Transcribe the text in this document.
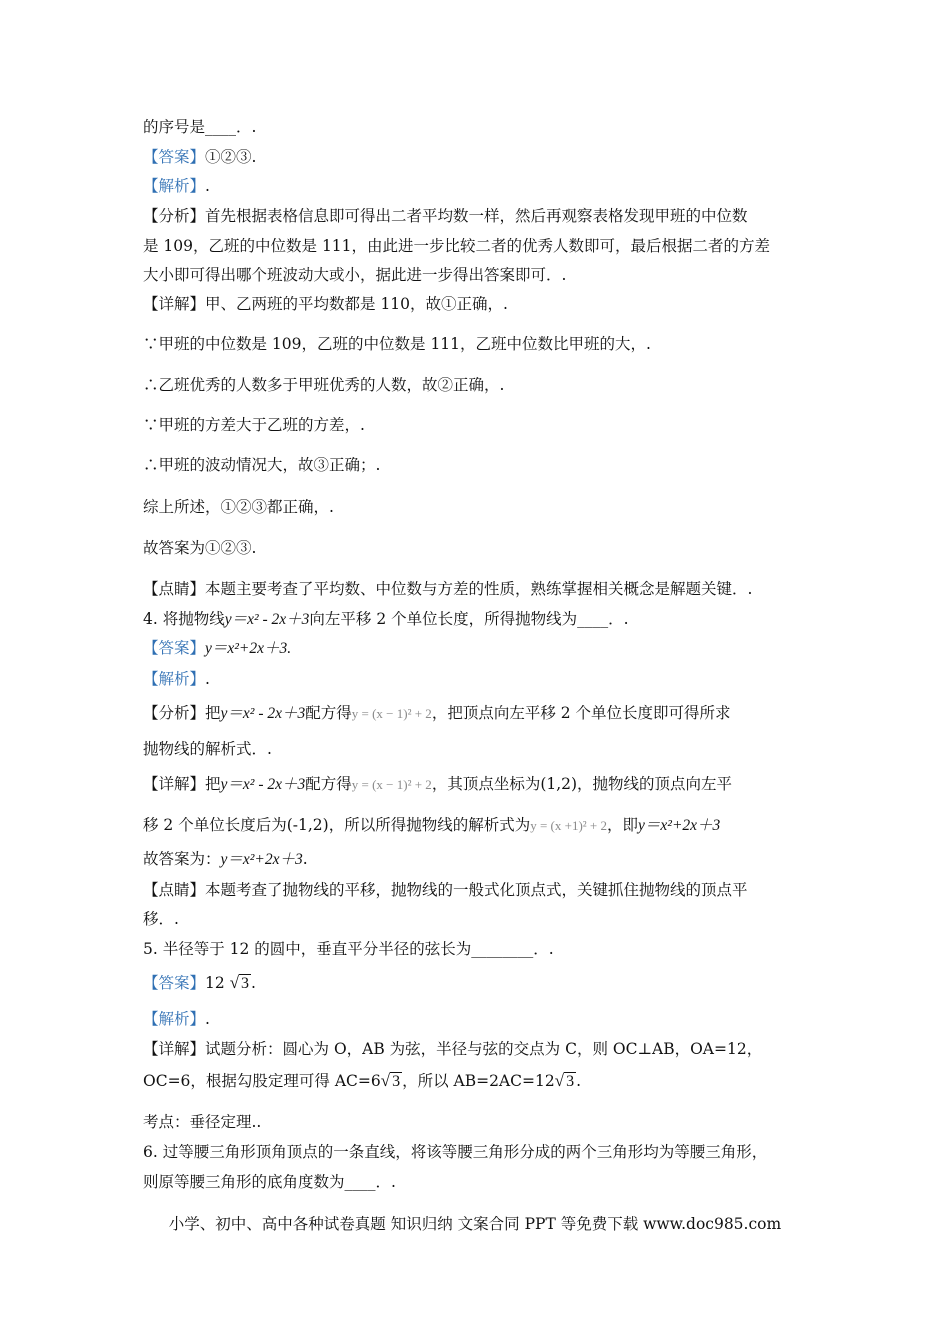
的序号是____．.
【答案】①②③.
【解析】.
【分析】首先根据表格信息即可得出二者平均数一样，然后再观察表格发现甲班的中位数
是 109，乙班的中位数是 111，由此进一步比较二者的优秀人数即可，最后根据二者的方差
大小即可得出哪个班波动大或小，据此进一步得出答案即可．.
【详解】甲、乙两班的平均数都是 110，故①正确，.
∵甲班的中位数是 109，乙班的中位数是 111，乙班中位数比甲班的大，.
∴乙班优秀的人数多于甲班优秀的人数，故②正确，.
∵甲班的方差大于乙班的方差，.
∴甲班的波动情况大，故③正确；.
综上所述，①②③都正确，.
故答案为①②③.
【点睛】本题主要考查了平均数、中位数与方差的性质，熟练掌握相关概念是解题关键．.
4. 将抛物线y＝x² - 2x＋3向左平移 2 个单位长度，所得抛物线为____．.
【答案】y＝x²+2x＋3.
【解析】.
【分析】把y＝x² - 2x＋3配方得y = (x − 1)² + 2，把顶点向左平移 2 个单位长度即可得所求
抛物线的解析式．.
【详解】把y＝x² - 2x＋3配方得y = (x − 1)² + 2，其顶点坐标为(1,2)，抛物线的顶点向左平
移 2 个单位长度后为(-1,2)，所以所得抛物线的解析式为y = (x +1)² + 2，即y＝x²+2x＋3
故答案为：y＝x²+2x＋3.
【点睛】本题考查了抛物线的平移，抛物线的一般式化顶点式，关键抓住抛物线的顶点平
移．.
5. 半径等于 12 的圆中，垂直平分半径的弦长为________．.
【答案】12 √ 3 .
【解析】.
【详解】试题分析：圆心为 O，AB 为弦，半径与弦的交点为 C，则 OC⊥AB，OA=12，
OC=6，根据勾股定理可得 AC=6√ 3 ，所以 AB=2AC=12√ 3 .
考点：垂径定理..
6. 过等腰三角形顶角顶点的一条直线，将该等腰三角形分成的两个三角形均为等腰三角形，
则原等腰三角形的底角度数为____．.
小学、初中、高中各种试卷真题 知识归纳 文案合同 PPT 等免费下载 www.doc985.com
